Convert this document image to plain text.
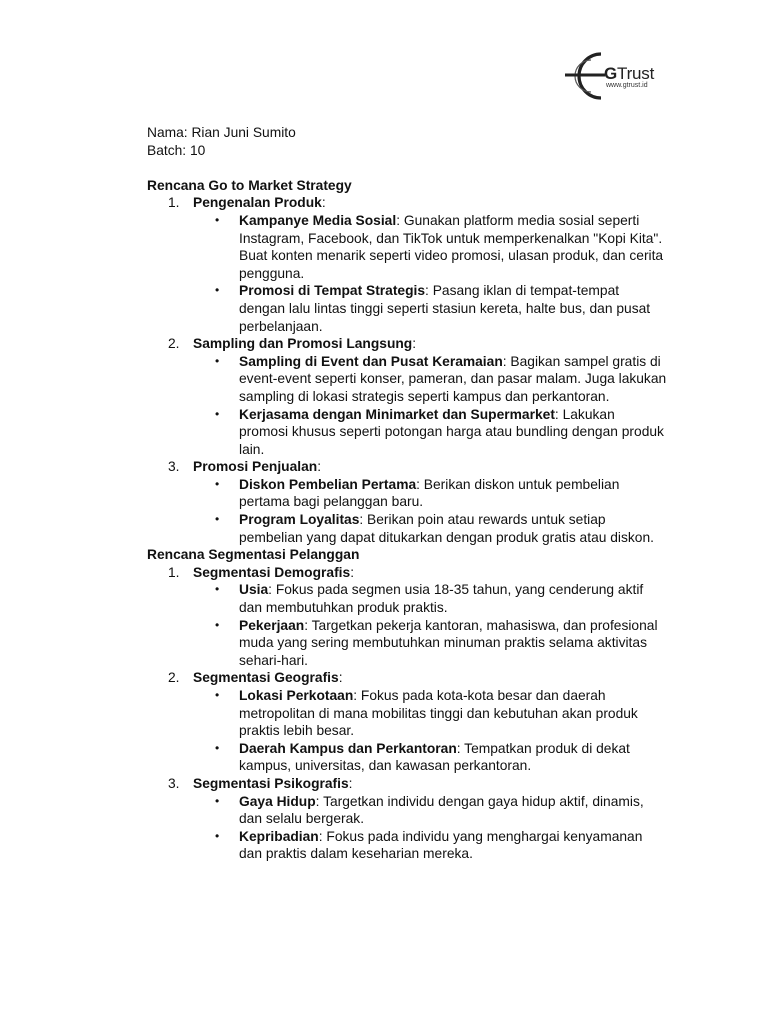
GTrust
www.gtrust.id

Nama: Rian Juni Sumito

Batch: 10

Rencana Go to Market Strategy

1. Pengenalan Produk:
• Kampanye Media Sosial: Gunakan platform media sosial seperti Instagram, Facebook, dan TikTok untuk memperkenalkan "Kopi Kita". Buat konten menarik seperti video promosi, ulasan produk, dan cerita pengguna.
• Promosi di Tempat Strategis: Pasang iklan di tempat-tempat dengan lalu lintas tinggi seperti stasiun kereta, halte bus, dan pusat perbelanjaan.
2. Sampling dan Promosi Langsung:
• Sampling di Event dan Pusat Keramaian: Bagikan sampel gratis di event-event seperti konser, pameran, dan pasar malam. Juga lakukan sampling di lokasi strategis seperti kampus dan perkantoran.
• Kerjasama dengan Minimarket dan Supermarket: Lakukan promosi khusus seperti potongan harga atau bundling dengan produk lain.
3. Promosi Penjualan:
• Diskon Pembelian Pertama: Berikan diskon untuk pembelian pertama bagi pelanggan baru.
• Program Loyalitas: Berikan poin atau rewards untuk setiap pembelian yang dapat ditukarkan dengan produk gratis atau diskon.

Rencana Segmentasi Pelanggan

1. Segmentasi Demografis:
• Usia: Fokus pada segmen usia 18-35 tahun, yang cenderung aktif dan membutuhkan produk praktis.
• Pekerjaan: Targetkan pekerja kantoran, mahasiswa, dan profesional muda yang sering membutuhkan minuman praktis selama aktivitas sehari-hari.
2. Segmentasi Geografis:
• Lokasi Perkotaan: Fokus pada kota-kota besar dan daerah metropolitan di mana mobilitas tinggi dan kebutuhan akan produk praktis lebih besar.
• Daerah Kampus dan Perkantoran: Tempatkan produk di dekat kampus, universitas, dan kawasan perkantoran.
3. Segmentasi Psikografis:
• Gaya Hidup: Targetkan individu dengan gaya hidup aktif, dinamis, dan selalu bergerak.
• Kepribadian: Fokus pada individu yang menghargai kenyamanan dan praktis dalam keseharian mereka.
